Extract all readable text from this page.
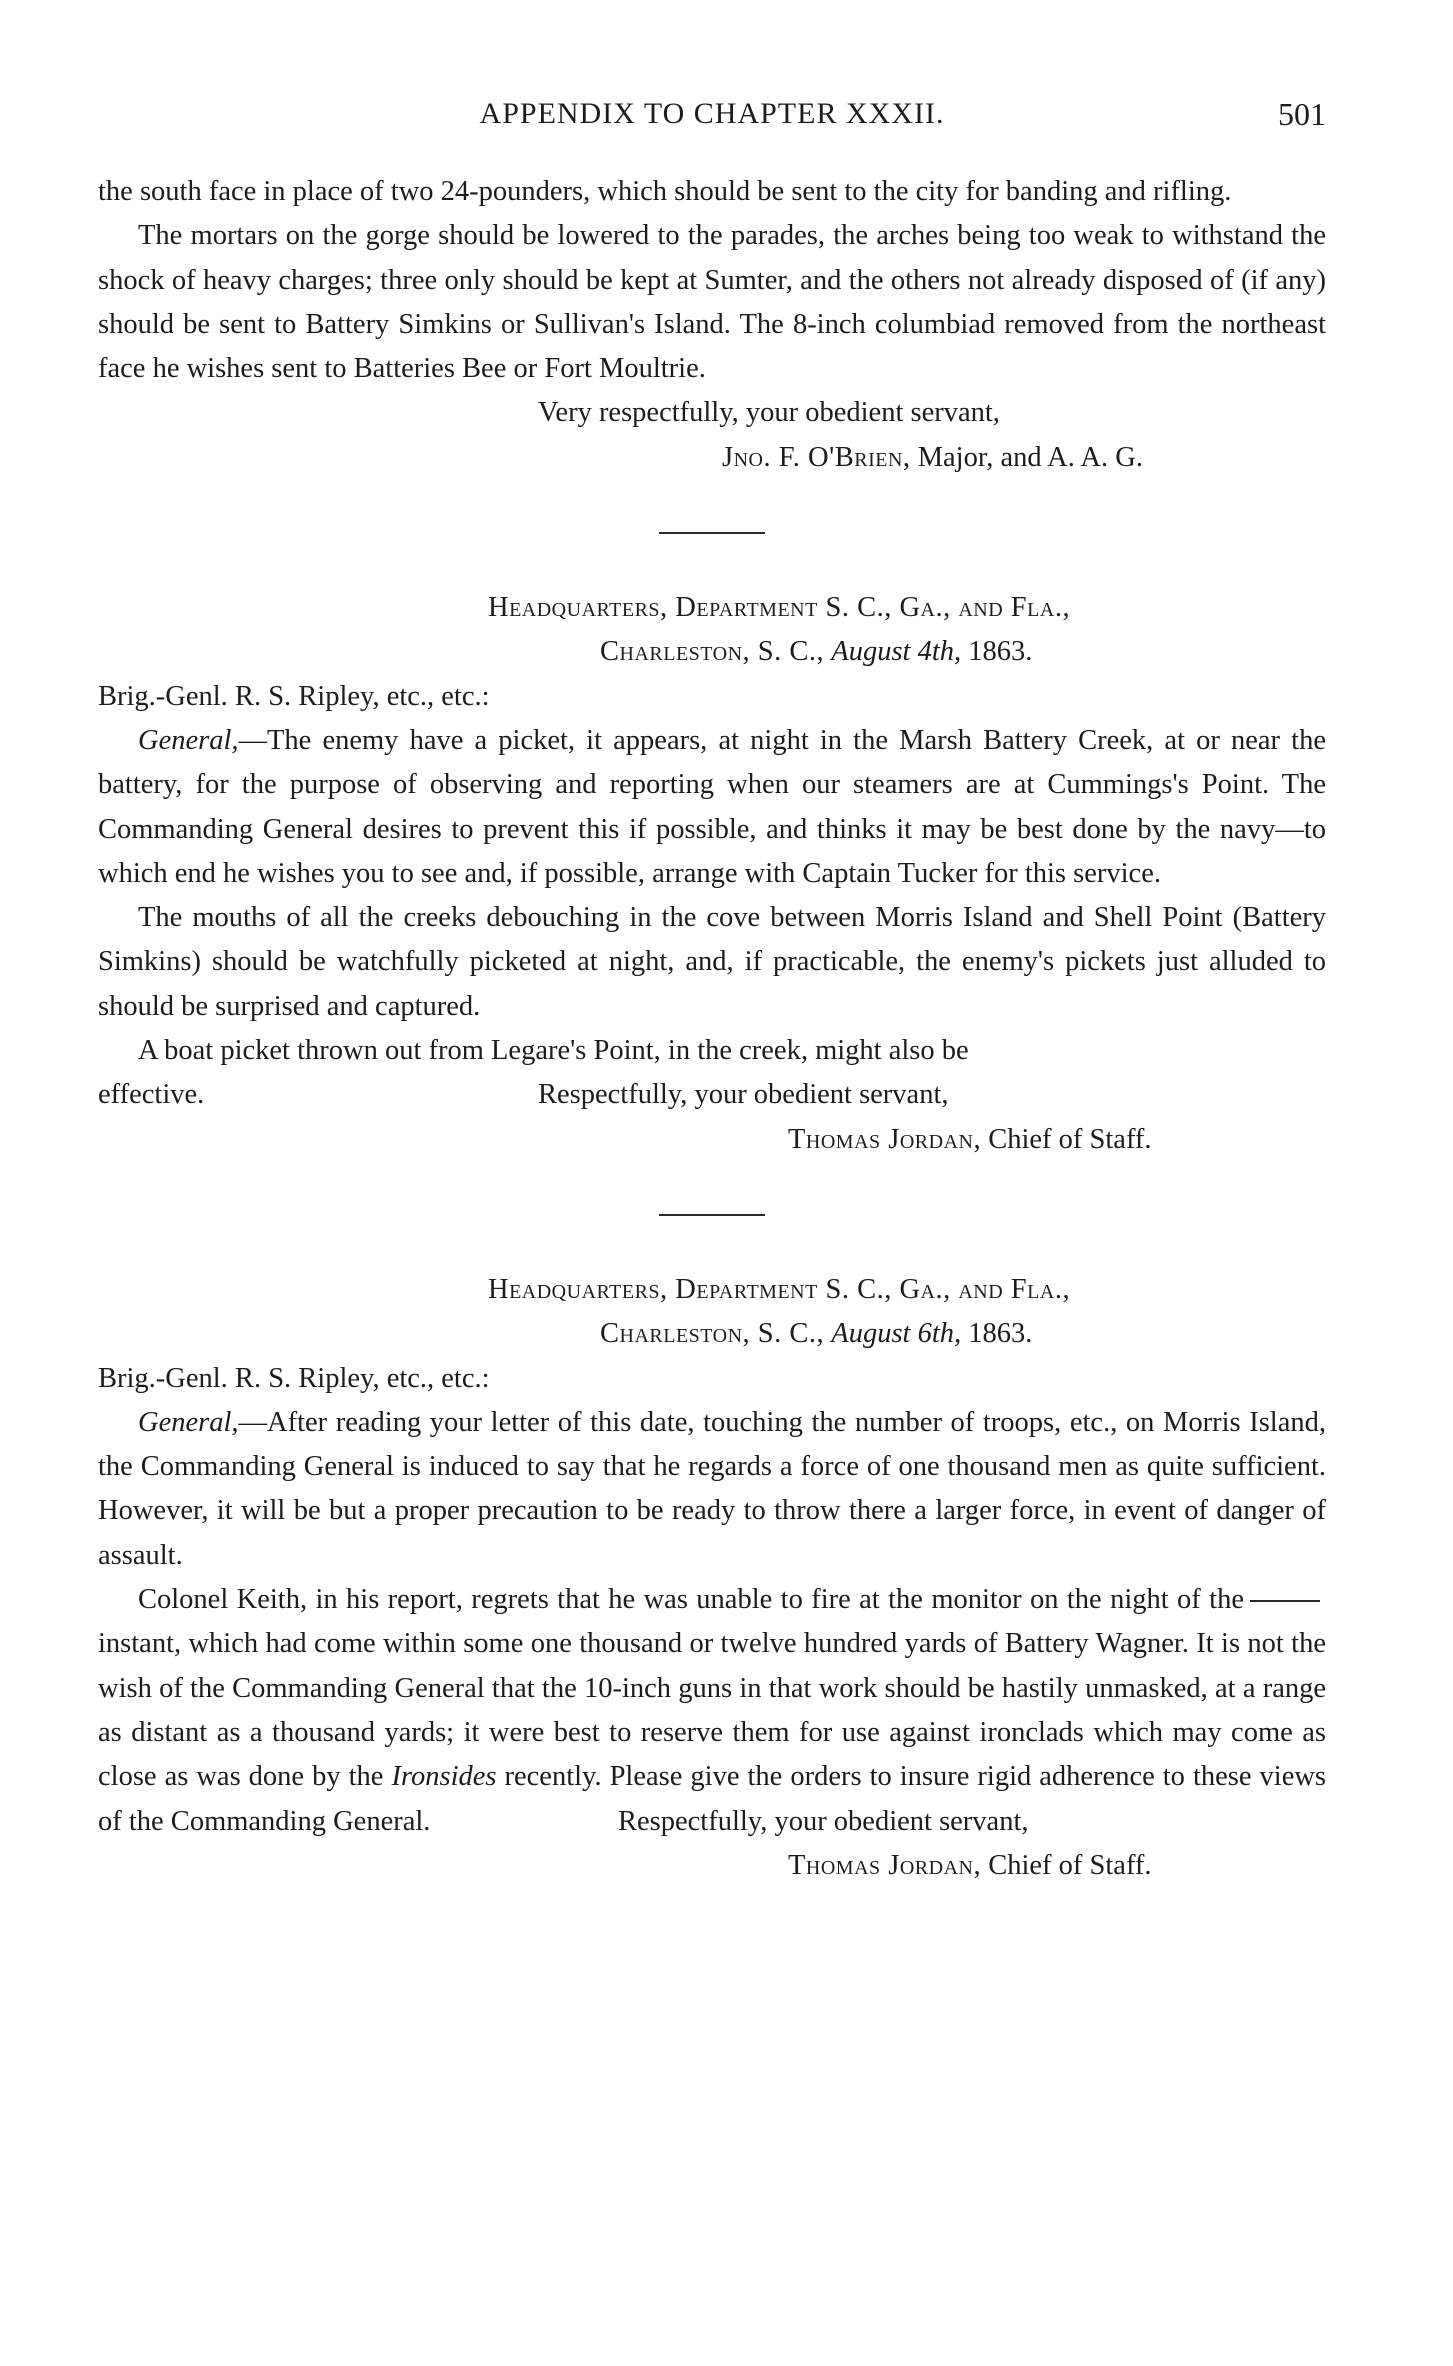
APPENDIX TO CHAPTER XXXII.	501

the south face in place of two 24-pounders, which should be sent to the city for banding and rifling.

The mortars on the gorge should be lowered to the parades, the arches being too weak to withstand the shock of heavy charges; three only should be kept at Sumter, and the others not already disposed of (if any) should be sent to Battery Simkins or Sullivan's Island. The 8-inch columbiad removed from the northeast face he wishes sent to Batteries Bee or Fort Moultrie.

Very respectfully, your obedient servant,

Jno. F. O'Brien, Major, and A. A. G.

Headquarters, Department S. C., Ga., and Fla.,

Charleston, S. C., August 4th, 1863.

Brig.-Genl. R. S. Ripley, etc., etc.:

General,—The enemy have a picket, it appears, at night in the Marsh Battery Creek, at or near the battery, for the purpose of observing and reporting when our steamers are at Cummings's Point. The Commanding General desires to prevent this if possible, and thinks it may be best done by the navy—to which end he wishes you to see and, if possible, arrange with Captain Tucker for this service.

The mouths of all the creeks debouching in the cove between Morris Island and Shell Point (Battery Simkins) should be watchfully picketed at night, and, if practicable, the enemy's pickets just alluded to should be surprised and captured.

A boat picket thrown out from Legare's Point, in the creek, might also be

effective.	Respectfully, your obedient servant,

Thomas Jordan, Chief of Staff.

Headquarters, Department S. C., Ga., and Fla.,

Charleston, S. C., August 6th, 1863.

Brig.-Genl. R. S. Ripley, etc., etc.:

General,—After reading your letter of this date, touching the number of troops, etc., on Morris Island, the Commanding General is induced to say that he regards a force of one thousand men as quite sufficient. However, it will be but a proper precaution to be ready to throw there a larger force, in event of danger of assault.

Colonel Keith, in his report, regrets that he was unable to fire at the monitor on the night of theinstant, which had come within some one thousand or twelve hundred yards of Battery Wagner. It is not the wish of the Commanding General that the 10-inch guns in that work should be hastily unmasked, at a range as distant as a thousand yards; it were best to reserve them for use against ironclads which may come as close as was done by the Ironsides recently. Please give the orders to insure rigid adherence to these views of the Commanding General.	Respectfully, your obedient servant,

Thomas Jordan, Chief of Staff.
